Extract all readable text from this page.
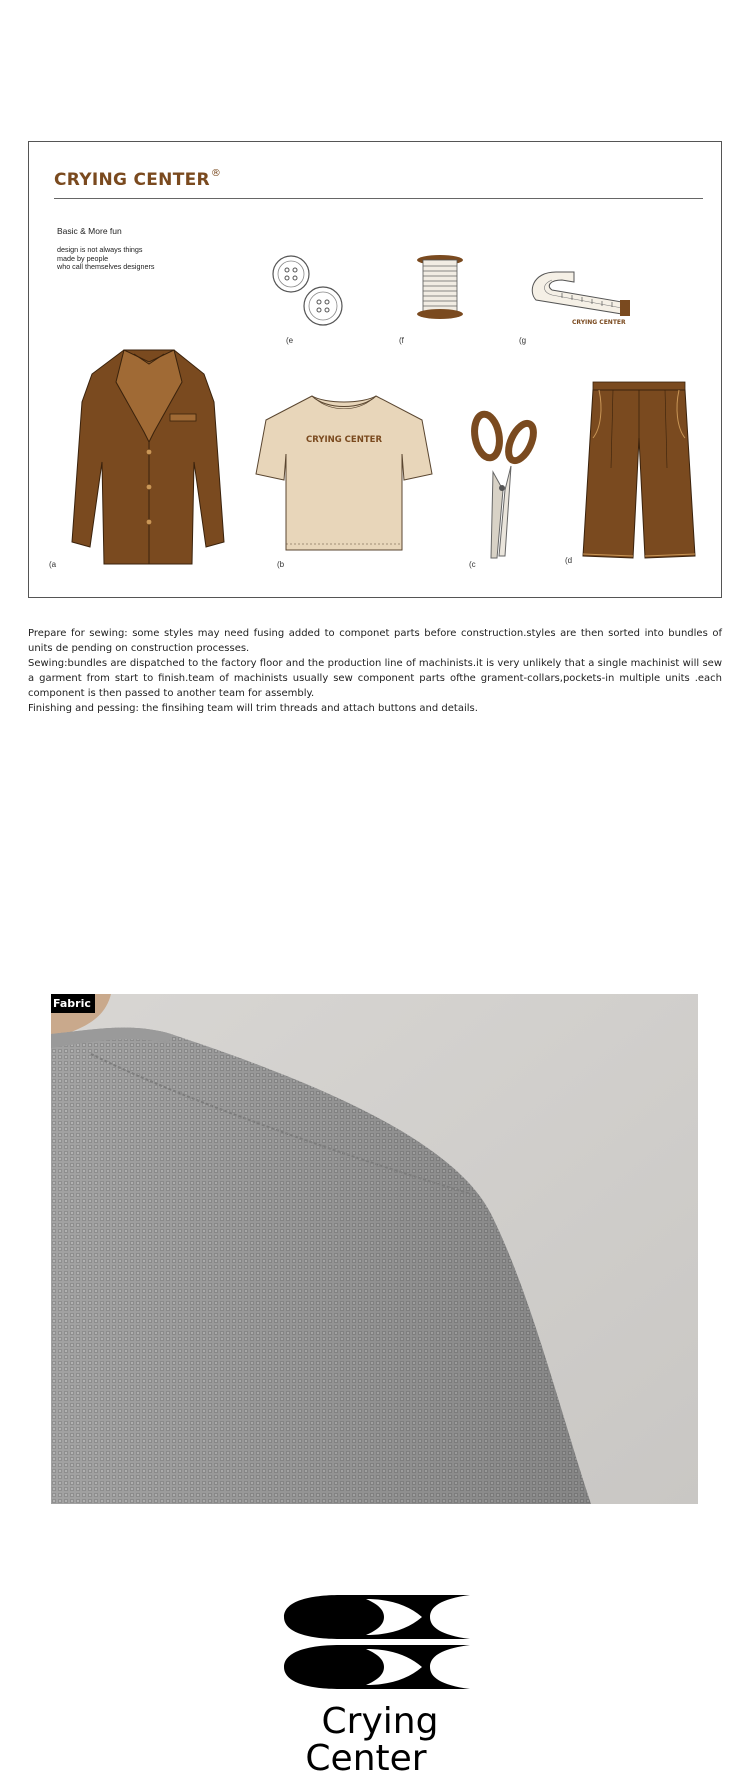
CRYING CENTER®
Basic & More fun
design is not always things
made by people
who call themselves designers
(e	(f
CRYING CENTER
(g
(a
CRYING CENTER
(b	(c	(d

Prepare for sewing: some styles may need fusing added to componet parts before construction.styles are then sorted into bundles of units de pending on construction processes.

Sewing:bundles are dispatched to the factory floor and the production line of machinists.it is very unlikely that a single machinist will sew a garment from start to finish.team of machinists usually sew component parts ofthe grament-collars,pockets-in multiple units .each component is then passed to another team for assembly.

Finishing and pessing: the finsihing team will trim threads and attach buttons and details.

Fabric
Crying
Center
